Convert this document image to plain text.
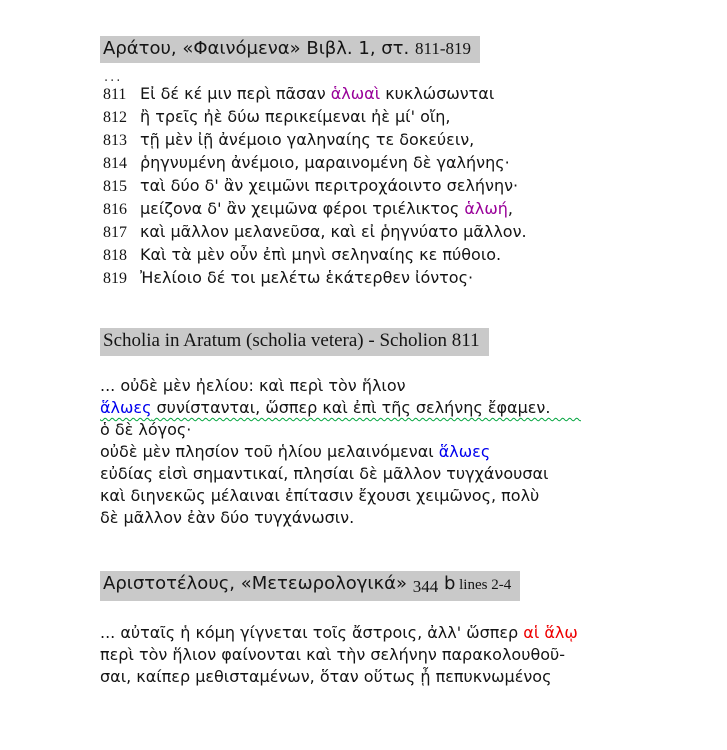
Αράτου, «Φαινόμενα» Βιβλ. 1, στ. 811-819
...
811 Εἰ δέ κέ μιν περὶ πᾶσαν ἁλωαὶ κυκλώσωνται
812 ἢ τρεῖς ἠὲ δύω περικείμεναι ἠὲ μί' οἴη,
813 τῇ μὲν ἰῇ ἀνέμοιο γαληναίης τε δοκεύειν,
814 ῥηγνυμένη ἀνέμοιο, μαραινομένη δὲ γαλήνης·
815 ταὶ δύο δ' ἂν χειμῶνι περιτροχάοιντο σελήνην·
816 μείζονα δ' ἂν χειμῶνα φέροι τριέλικτος ἁλωή,
817 καὶ μᾶλλον μελανεῦσα, καὶ εἰ ῥηγνύατο μᾶλλον.
818 Καὶ τὰ μὲν οὖν ἐπὶ μηνὶ σεληναίης κε πύθοιο.
819 Ἠελίοιο δέ τοι μελέτω ἑκάτερθεν ἰόντος·
Scholia in Aratum (scholia vetera) - Scholion 811
... οὐδὲ μὲν ἠελίου: καὶ περὶ τὸν ἥλιον
ἅλωες συνίστανται, ὥσπερ καὶ ἐπὶ τῆς σελήνης ἔφαμεν.
ὁ δὲ λόγος·
οὐδὲ μὲν πλησίον τοῦ ἡλίου μελαινόμεναι ἅλωες
εὐδίας εἰσὶ σημαντικαί, πλησίαι δὲ μᾶλλον τυγχάνουσαι
καὶ διηνεκῶς μέλαιναι ἐπίτασιν ἔχουσι χειμῶνος, πολὺ
δὲ μᾶλλον ἐὰν δύο τυγχάνωσιν.
Αριστοτέλους, «Μετεωρολογικά» 344 b lines 2-4
... αὐταῖς ἡ κόμη γίγνεται τοῖς ἄστροις, ἀλλ' ὥσπερ αἱ ἅλῳ
περὶ τὸν ἥλιον φαίνονται καὶ τὴν σελήνην παρακολουθοῦ-
σαι, καίπερ μεθισταμένων, ὅταν οὕτως ᾖ πεπυκνωμένος
